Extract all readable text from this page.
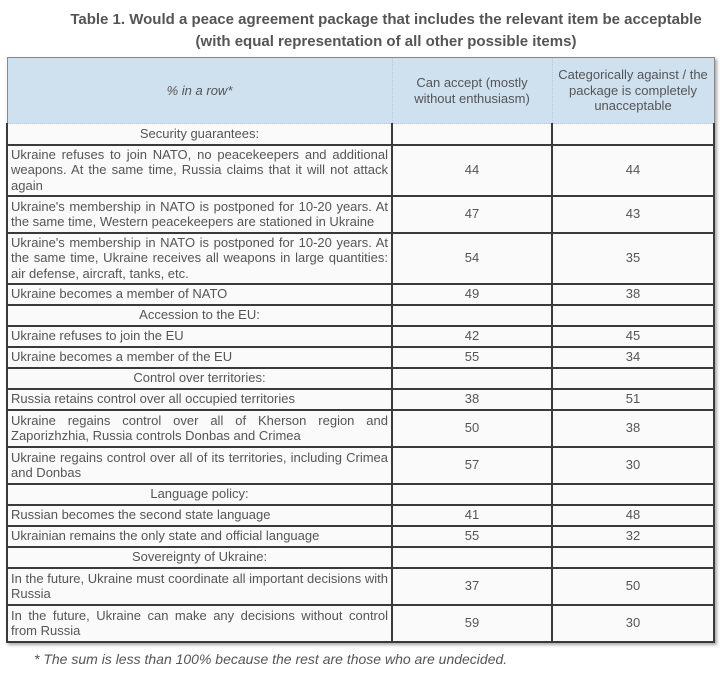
Table 1. Would a peace agreement package that includes the relevant item be acceptable
(with equal representation of all other possible items)
% in a row*	Can accept (mostly without enthusiasm)	Categorically against / the package is completely unacceptable
Security guarantees:		
Ukraine refuses to join NATO, no peacekeepers and additional weapons. At the same time, Russia claims that it will not attack again	44	44
Ukraine's membership in NATO is postponed for 10-20 years. At the same time, Western peacekeepers are stationed in Ukraine	47	43
Ukraine's membership in NATO is postponed for 10-20 years. At the same time, Ukraine receives all weapons in large quantities: air defense, aircraft, tanks, etc.	54	35
Ukraine becomes a member of NATO	49	38
Accession to the EU:		
Ukraine refuses to join the EU	42	45
Ukraine becomes a member of the EU	55	34
Control over territories:		
Russia retains control over all occupied territories	38	51
Ukraine regains control over all of Kherson region and Zaporizhzhia, Russia controls Donbas and Crimea	50	38
Ukraine regains control over all of its territories, including Crimea and Donbas	57	30
Language policy:		
Russian becomes the second state language	41	48
Ukrainian remains the only state and official language	55	32
Sovereignty of Ukraine:		
In the future, Ukraine must coordinate all important decisions with Russia	37	50
In the future, Ukraine can make any decisions without control from Russia	59	30
* The sum is less than 100% because the rest are those who are undecided.
